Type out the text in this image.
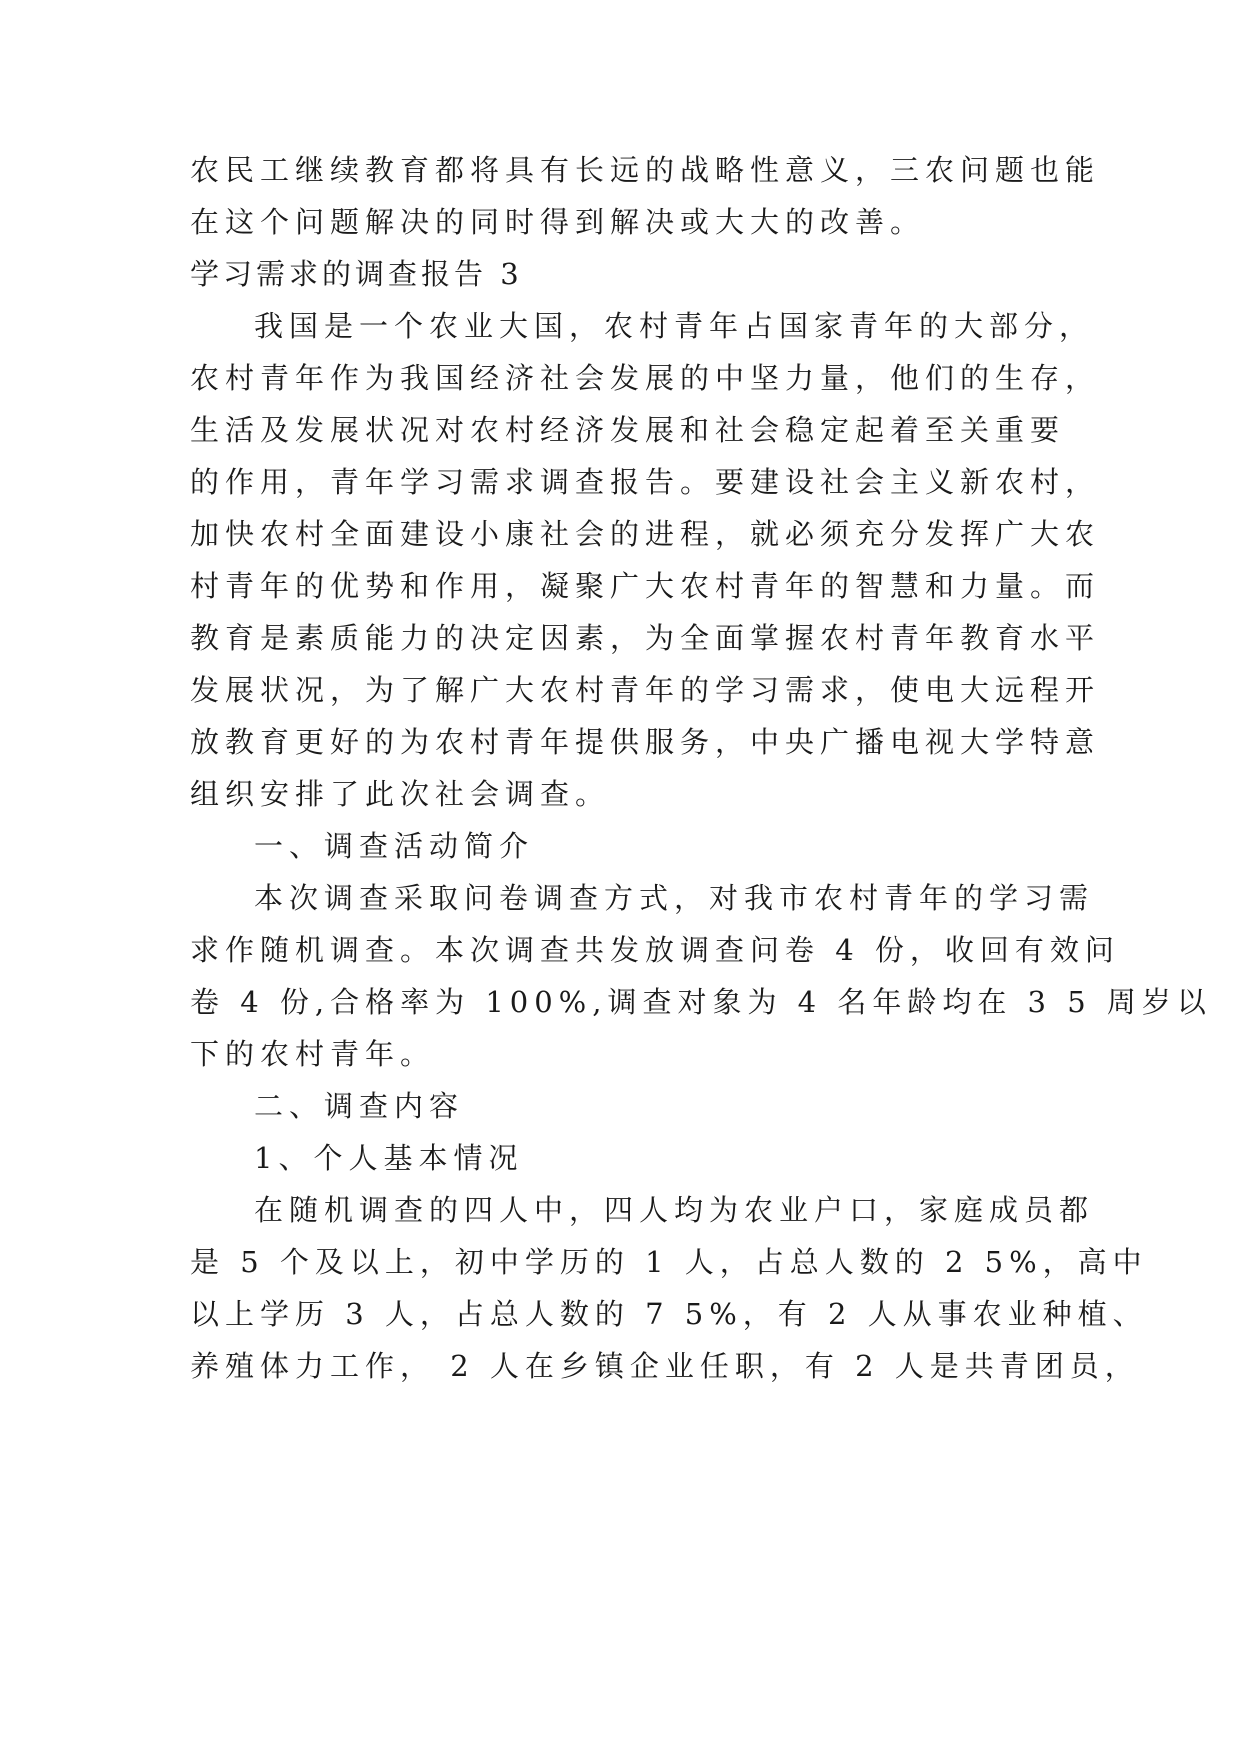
农民工继续教育都将具有长远的战略性意义，三农问题也能
在这个问题解决的同时得到解决或大大的改善。
学习需求的调查报告 3
我国是一个农业大国，农村青年占国家青年的大部分，
农村青年作为我国经济社会发展的中坚力量，他们的生存，
生活及发展状况对农村经济发展和社会稳定起着至关重要
的作用，青年学习需求调查报告。要建设社会主义新农村，
加快农村全面建设小康社会的进程，就必须充分发挥广大农
村青年的优势和作用，凝聚广大农村青年的智慧和力量。而
教育是素质能力的决定因素，为全面掌握农村青年教育水平
发展状况，为了解广大农村青年的学习需求，使电大远程开
放教育更好的为农村青年提供服务，中央广播电视大学特意
组织安排了此次社会调查。
一、调查活动简介
本次调查采取问卷调查方式，对我市农村青年的学习需
求作随机调查。本次调查共发放调查问卷 4 份，收回有效问
卷 4 份,合格率为 100%,调查对象为 4 名年龄均在 3 5 周岁以
下的农村青年。
二、调查内容
1、个人基本情况
在随机调查的四人中，四人均为农业户口，家庭成员都
是 5 个及以上，初中学历的 1 人，占总人数的 2 5%，高中
以上学历 3 人，占总人数的 7 5%，有 2 人从事农业种植、
养殖体力工作， 2 人在乡镇企业任职，有 2 人是共青团员，
